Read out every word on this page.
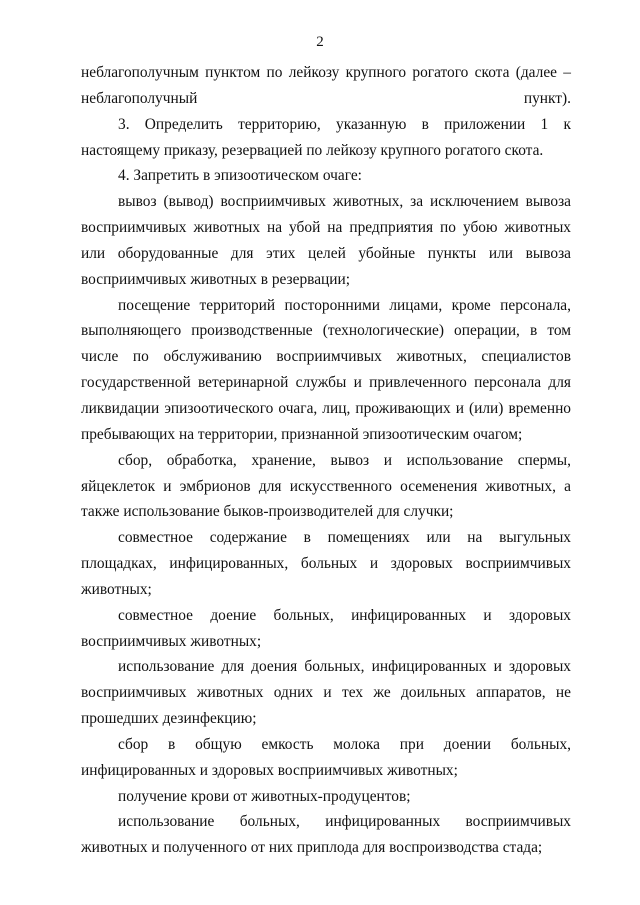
2

неблагополучным пунктом по лейкозу крупного рогатого скота (далее – неблагополучный пункт).

3. Определить территорию, указанную в приложении 1 к настоящему приказу, резервацией по лейкозу крупного рогатого скота.

4. Запретить в эпизоотическом очаге:

вывоз (вывод) восприимчивых животных, за исключением вывоза восприимчивых животных на убой на предприятия по убою животных или оборудованные для этих целей убойные пункты или вывоза восприимчивых животных в резервации;

посещение территорий посторонними лицами, кроме персонала, выполняющего производственные (технологические) операции, в том числе по обслуживанию восприимчивых животных, специалистов государственной ветеринарной службы и привлеченного персонала для ликвидации эпизоотического очага, лиц, проживающих и (или) временно пребывающих на территории, признанной эпизоотическим очагом;

сбор, обработка, хранение, вывоз и использование спермы, яйцеклеток и эмбрионов для искусственного осеменения животных, а также использование быков-производителей для случки;

совместное содержание в помещениях или на выгульных площадках, инфицированных, больных и здоровых восприимчивых животных;

совместное доение больных, инфицированных и здоровых восприимчивых животных;

использование для доения больных, инфицированных и здоровых восприимчивых животных одних и тех же доильных аппаратов, не прошедших дезинфекцию;

сбор в общую емкость молока при доении больных, инфицированных и здоровых восприимчивых животных;

получение крови от животных-продуцентов;

использование больных, инфицированных восприимчивых животных и полученного от них приплода для воспроизводства стада;
